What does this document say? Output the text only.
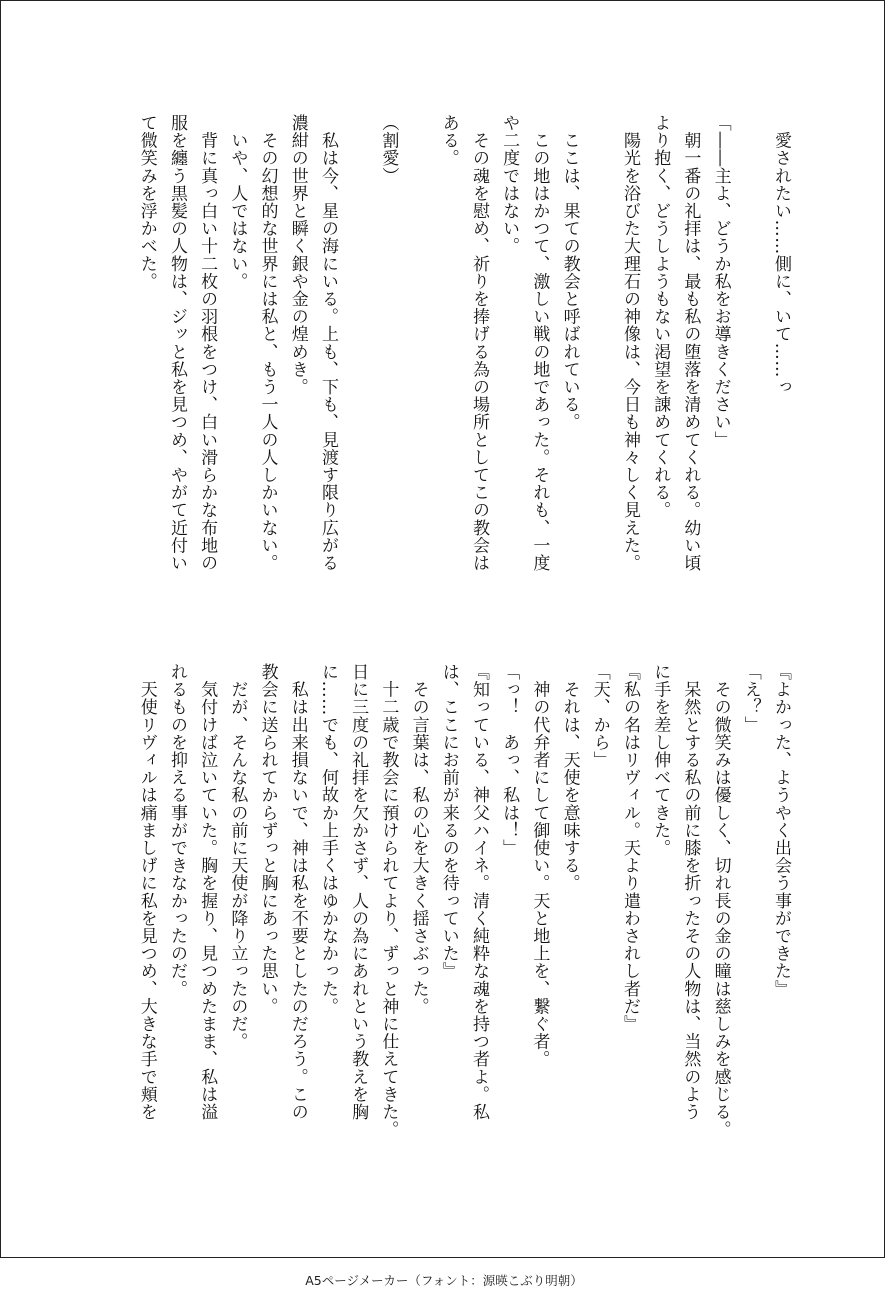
　愛されたい……側に、いて……っ

「――主よ、どうか私をお導きください」
　朝一番の礼拝は、最も私の堕落を清めてくれる。幼い頃
より抱く、どうしようもない渇望を諌めてくれる。
　陽光を浴びた大理石の神像は、今日も神々しく見えた。

　ここは、果ての教会と呼ばれている。
　この地はかつて、激しい戦の地であった。それも、一度
や二度ではない。
　その魂を慰め、祈りを捧げる為の場所としてこの教会は
ある。

（割愛）

　私は今、星の海にいる。上も、下も、見渡す限り広がる
濃紺の世界と瞬く銀や金の煌めき。
　その幻想的な世界には私と、もう一人の人しかいない。
　いや、人ではない。
　背に真っ白い十二枚の羽根をつけ、白い滑らかな布地の
服を纏う黒髪の人物は、ジッと私を見つめ、やがて近付い
て微笑みを浮かべた。
『よかった、ようやく出会う事ができた』
「え？」
　その微笑みは優しく、切れ長の金の瞳は慈しみを感じる。
　呆然とする私の前に膝を折ったその人物は、当然のよう
に手を差し伸べてきた。
『私の名はリヴィル。天より遣わされし者だ』
「天、から」
　それは、天使を意味する。
　神の代弁者にして御使い。天と地上を、繋ぐ者。
「っ！　あっ、私は！」
『知っている、神父ハイネ。清く純粋な魂を持つ者よ。私
は、ここにお前が来るのを待っていた』
　その言葉は、私の心を大きく揺さぶった。
　十二歳で教会に預けられてより、ずっと神に仕えてきた。
日に三度の礼拝を欠かさず、人の為にあれという教えを胸
に……でも、何故か上手くはゆかなかった。
　私は出来損ないで、神は私を不要としたのだろう。この
教会に送られてからずっと胸にあった思い。
　だが、そんな私の前に天使が降り立ったのだ。
　気付けば泣いていた。胸を握り、見つめたまま、私は溢
れるものを抑える事ができなかったのだ。
　天使リヴィルは痛ましげに私を見つめ、大きな手で頬を
A5ページメーカー（フォント：源暎こぶり明朝）
